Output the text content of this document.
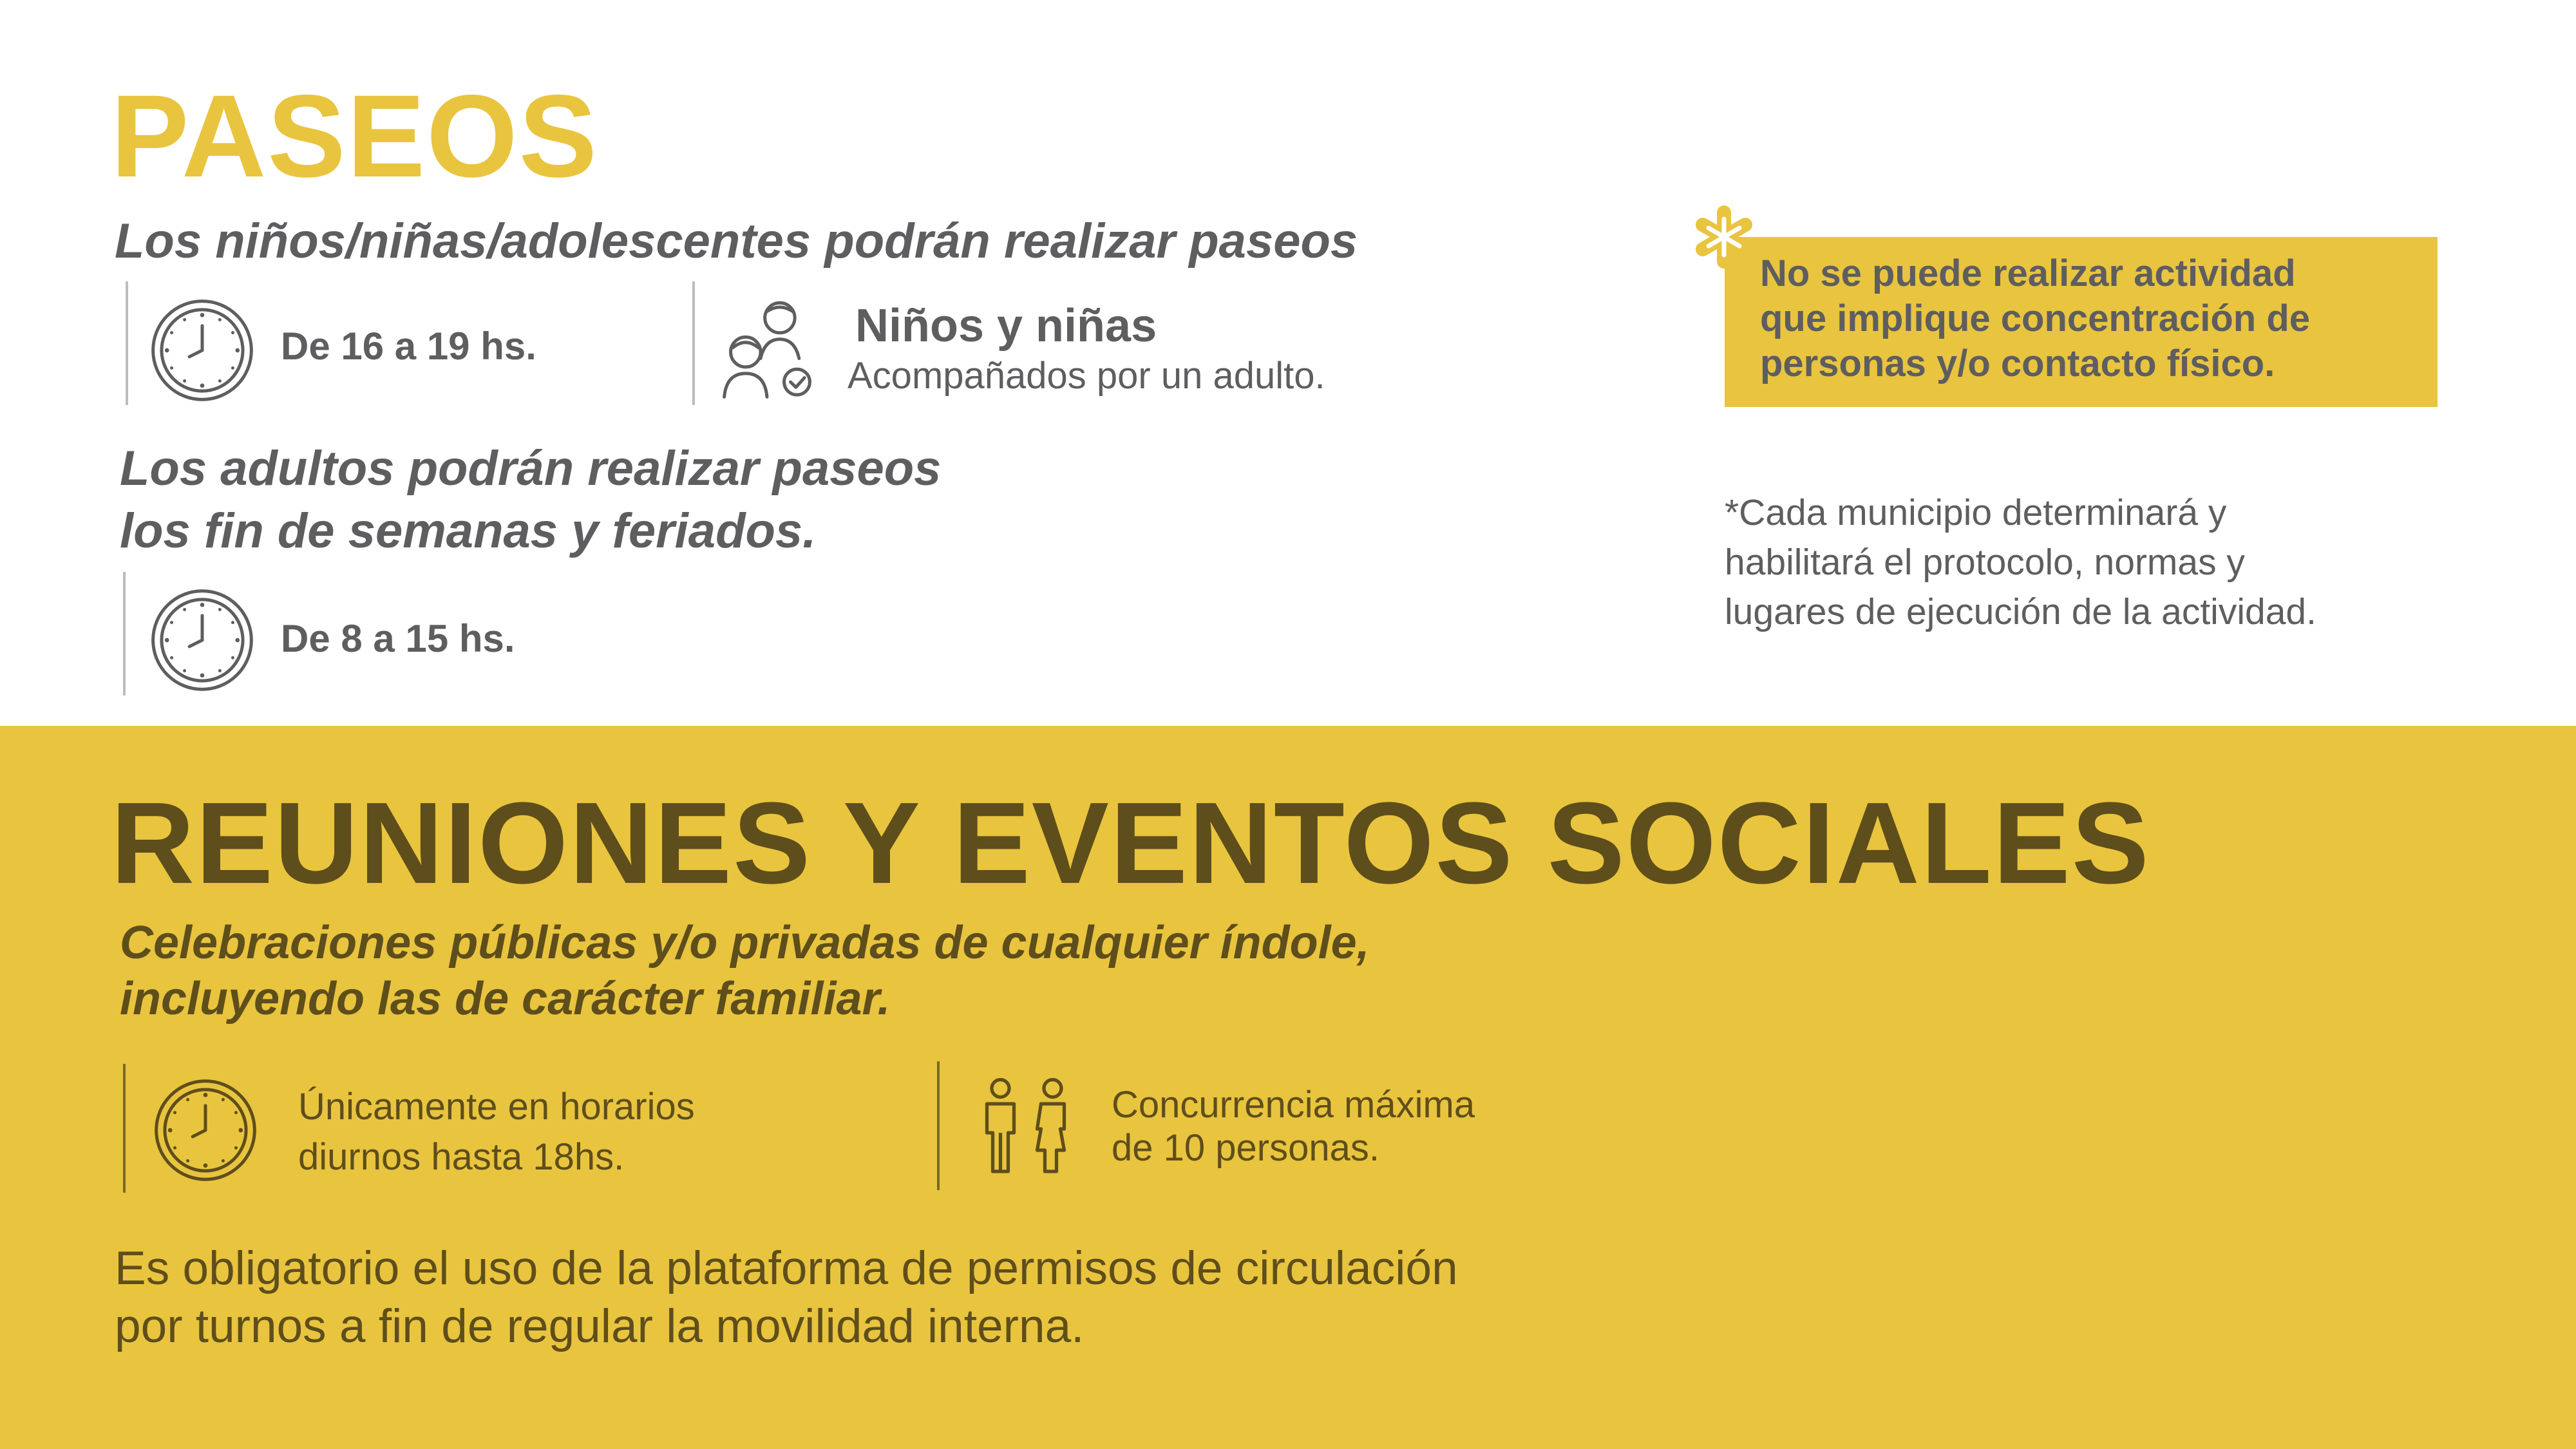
PASEOS
Los niños/niñas/adolescentes podrán realizar paseos
De 16 a 19 hs.	Niños y niñas
Acompañados por un adulto.
Los adultos podrán realizar paseos
los fin de semanas y feriados.
De 8 a 15 hs.
No se puede realizar actividad
que implique concentración de
personas y/o contacto físico.
*Cada municipio determinará y
habilitará el protocolo, normas y
lugares de ejecución de la actividad.
REUNIONES Y EVENTOS SOCIALES
Celebraciones públicas y/o privadas de cualquier índole,
incluyendo las de carácter familiar.
Únicamente en horarios
diurnos hasta 18hs.
Concurrencia máxima
de 10 personas.
Es obligatorio el uso de la plataforma de permisos de circulación
por turnos a fin de regular la movilidad interna.
